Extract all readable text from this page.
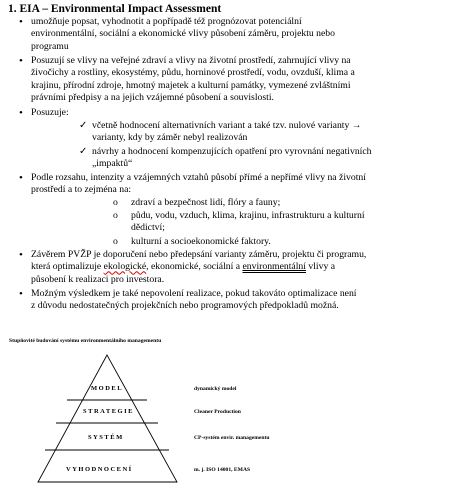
1. EIA – Environmental Impact Assessment
• umožňuje popsat, vyhodnotit a popřípadě též prognózovat potenciální
environmentální, sociální a ekonomické vlivy působení záměru, projektu nebo
programu
• Posuzují se vlivy na veřejné zdraví a vlivy na životní prostředí, zahrnující vlivy na
živočichy a rostliny, ekosystémy, půdu, horninové prostředí, vodu, ovzduší, klima a
krajinu, přírodní zdroje, hmotný majetek a kulturní památky, vymezené zvláštními
právními předpisy a na jejich vzájemné působení a souvislosti.
• Posuzuje:
✓ včetně hodnocení alternativních variant a také tzv. nulové varianty →
varianty, kdy by záměr nebyl realizován
✓ návrhy a hodnocení kompenzujících opatření pro vyrovnání negativních
„impaktů“
• Podle rozsahu, intenzity a vzájemných vztahů působí přímé a nepřímé vlivy na životní
prostředí a to zejména na:
o zdraví a bezpečnost lidí, flóry a fauny;
o půdu, vodu, vzduch, klima, krajinu, infrastrukturu a kulturní
dědictví;
o kulturní a socioekonomické faktory.
• Závěrem PVŽP je doporučení nebo předepsání varianty záměru, projektu či programu,
která optimalizuje ekologické, ekonomické, sociální a environmentální vlivy a
působení k realizaci pro investora.
• Možným výsledkem je také nepovolení realizace, pokud takováto optimalizace není
z důvodu nedostatečných projekčních nebo programových předpokladů možná.
Stupňovité budování systému environmentálního managementu
MODEL
STRATEGIE
SYSTÉM
VYHODNOCENÍ
dynamický model
Cleaner Production
CP-systém envir. managementu
m. j. ISO 14001, EMAS
